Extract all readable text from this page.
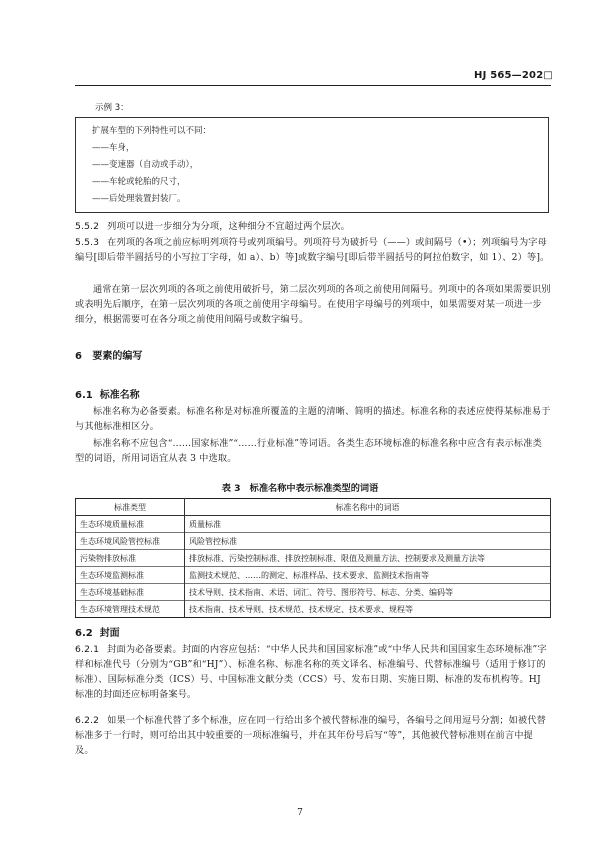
HJ 565—202□
示例 3：
扩展车型的下列特性可以不同：
——车身，
——变速器（自动或手动），
——车轮或轮胎的尺寸，
——后处理装置封装厂。

5.5.2 列项可以进一步细分为分项，这种细分不宜超过两个层次。

5.5.3 在列项的各项之前应标明列项符号或列项编号。列项符号为破折号（——）或间隔号（•）；列项编号为字母编号[即后带半圆括号的小写拉丁字母，如 a）、b）等]或数字编号[即后带半圆括号的阿拉伯数字，如 1）、2）等]。

通常在第一层次列项的各项之前使用破折号，第二层次列项的各项之前使用间隔号。列项中的各项如果需要识别或表明先后顺序，在第一层次列项的各项之前使用字母编号。在使用字母编号的列项中，如果需要对某一项进一步细分，根据需要可在各分项之前使用间隔号或数字编号。

6 要素的编写
6.1 标准名称

标准名称为必备要素。标准名称是对标准所覆盖的主题的清晰、简明的描述。标准名称的表述应使得某标准易于与其他标准相区分。

标准名称不应包含“……国家标准”“……行业标准”等词语。各类生态环境标准的标准名称中应含有表示标准类型的词语，所用词语宜从表 3 中选取。

表 3　标准名称中表示标准类型的词语
标准类型	标准名称中的词语
生态环境质量标准	质量标准
生态环境风险管控标准	风险管控标准
污染物排放标准	排放标准、污染控制标准、排放控制标准、限值及测量方法、控制要求及测量方法等
生态环境监测标准	监测技术规范、……的测定、标准样品、技术要求、监测技术指南等
生态环境基础标准	技术导则、技术指南、术语、词汇、符号、图形符号、标志、分类、编码等
生态环境管理技术规范	技术指南、技术导则、技术规范、技术规定、技术要求、规程等
6.2 封面

6.2.1 封面为必备要素。封面的内容应包括：“中华人民共和国国家标准”或“中华人民共和国国家生态环境标准”字样和标准代号（分别为“GB”和“HJ”）、标准名称、标准名称的英文译名、标准编号、代替标准编号（适用于修订的标准）、国际标准分类（ICS）号、中国标准文献分类（CCS）号、发布日期、实施日期、标准的发布机构等。HJ 标准的封面还应标明备案号。

6.2.2 如果一个标准代替了多个标准，应在同一行给出多个被代替标准的编号，各编号之间用逗号分割；如被代替标准多于一行时，则可给出其中较重要的一项标准编号，并在其年份号后写“等”，其他被代替标准则在前言中提及。

7
